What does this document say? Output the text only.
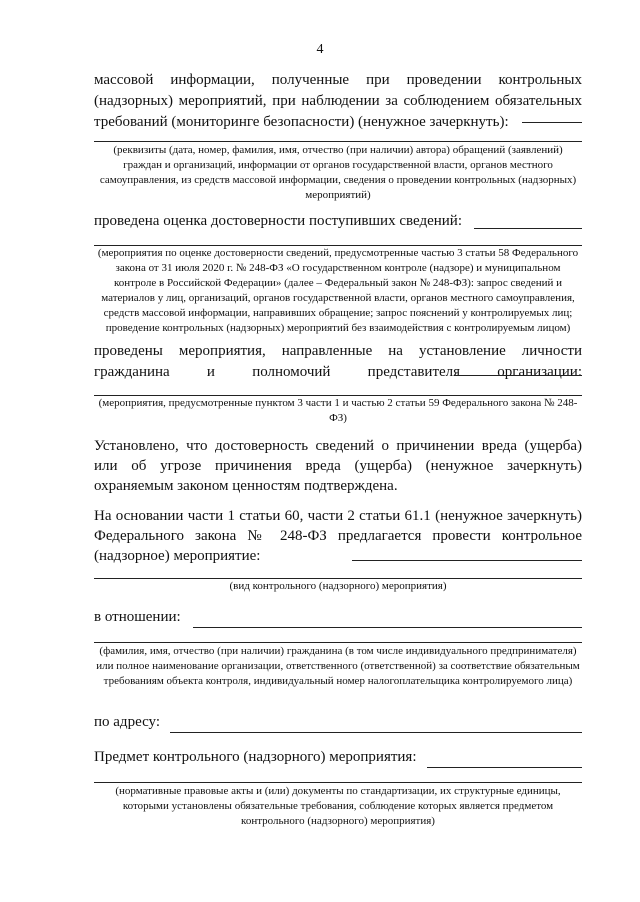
4

массовой информации, полученные при проведении контрольных (надзорных) мероприятий, при наблюдении за соблюдением обязательных требований (мониторинге безопасности) (ненужное зачеркнуть):

(реквизиты (дата, номер, фамилия, имя, отчество (при наличии) автора) обращений (заявлений) граждан и организаций, информации от органов государственной власти, органов местного самоуправления, из средств массовой информации, сведения о проведении контрольных (надзорных) мероприятий)

проведена оценка достоверности поступивших сведений:

(мероприятия по оценке достоверности сведений, предусмотренные частью 3 статьи 58 Федерального закона от 31 июля 2020 г. № 248-ФЗ «О государственном контроле (надзоре) и муниципальном контроле в Российской Федерации» (далее – Федеральный закон № 248-ФЗ): запрос сведений и материалов у лиц, организаций, органов государственной власти, органов местного самоуправления, средств массовой информации, направивших обращение; запрос пояснений у контролируемых лиц; проведение контрольных (надзорных) мероприятий без взаимодействия с контролируемым лицом)

проведены мероприятия, направленные на установление личности гражданина и полномочий представителя организации:

(мероприятия, предусмотренные пунктом 3 части 1 и частью 2 статьи 59 Федерального закона № 248-ФЗ)

Установлено, что достоверность сведений о причинении вреда (ущерба) или об угрозе причинения вреда (ущерба) (ненужное зачеркнуть) охраняемым законом ценностям подтверждена.

На основании части 1 статьи 60, части 2 статьи 61.1 (ненужное зачеркнуть) Федерального закона № 248-ФЗ предлагается провести контрольное (надзорное) мероприятие:

(вид контрольного (надзорного) мероприятия)

в отношении:

(фамилия, имя, отчество (при наличии) гражданина (в том числе индивидуального предпринимателя) или полное наименование организации, ответственного (ответственной) за соответствие обязательным требованиям объекта контроля, индивидуальный номер налогоплательщика контролируемого лица)

по адресу:
Предмет контрольного (надзорного) мероприятия:

(нормативные правовые акты и (или) документы по стандартизации, их структурные единицы, которыми установлены обязательные требования, соблюдение которых является предметом контрольного (надзорного) мероприятия)
